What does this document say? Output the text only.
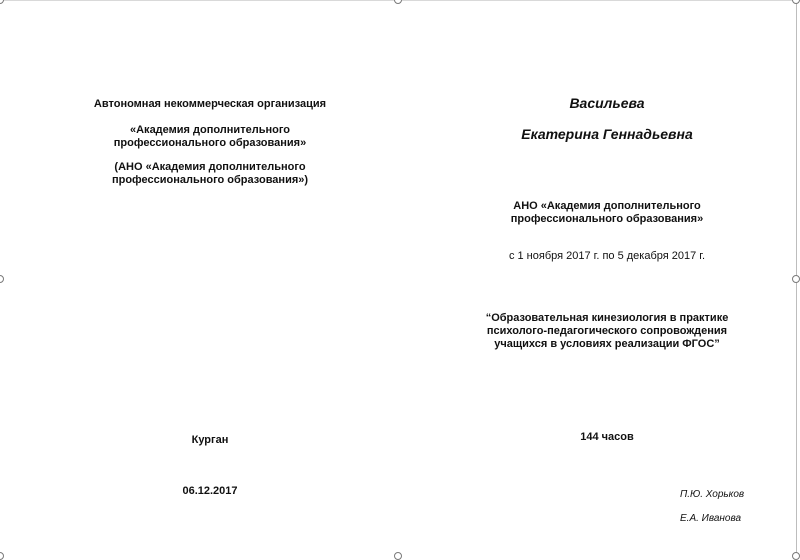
Автономная некоммерческая организация

«Академия дополнительного профессионального образования»

(АНО «Академия дополнительного профессионального образования»)

Курган

06.12.2017

Васильева

Екатерина Геннадьевна

АНО «Академия дополнительного профессионального образования»

с 1 ноября 2017 г. по 5 декабря 2017 г.

“Образовательная кинезиология в практике психолого-педагогического сопровождения учащихся в условиях реализации ФГОС”

144 часов

П.Ю. Хорьков

Е.А. Иванова
